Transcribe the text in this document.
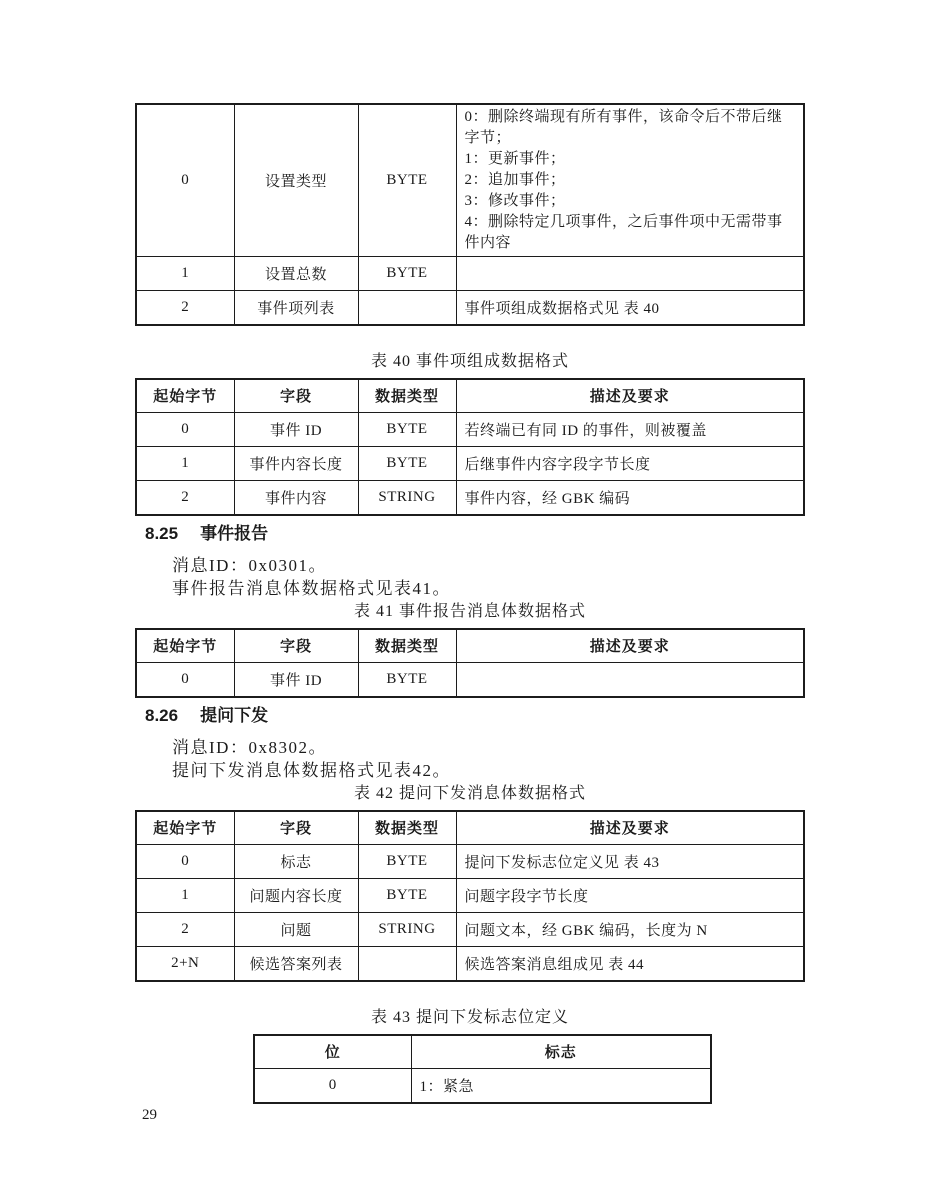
0	设置类型	BYTE	0：删除终端现有所有事件，该命令后不带后继字节；
1：更新事件；
2：追加事件；
3：修改事件；
4：删除特定几项事件，之后事件项中无需带事件内容

1	设置总数	BYTE	
2	事件项列表		事件项组成数据格式见 表 40
表 40 事件项组成数据格式
起始字节	字段	数据类型	描述及要求
0	事件 ID	BYTE	若终端已有同 ID 的事件，则被覆盖
1	事件内容长度	BYTE	后继事件内容字段字节长度
2	事件内容	STRING	事件内容，经 GBK 编码
8.25 事件报告
消息ID：0x0301。
事件报告消息体数据格式见表41。
表 41 事件报告消息体数据格式
起始字节	字段	数据类型	描述及要求
0	事件 ID	BYTE	
8.26 提问下发
消息ID：0x8302。
提问下发消息体数据格式见表42。
表 42 提问下发消息体数据格式
起始字节	字段	数据类型	描述及要求
0	标志	BYTE	提问下发标志位定义见 表 43
1	问题内容长度	BYTE	问题字段字节长度
2	问题	STRING	问题文本，经 GBK 编码，长度为 N
2+N	候选答案列表		候选答案消息组成见 表 44
表 43 提问下发标志位定义
位	标志
0	1：紧急
29
